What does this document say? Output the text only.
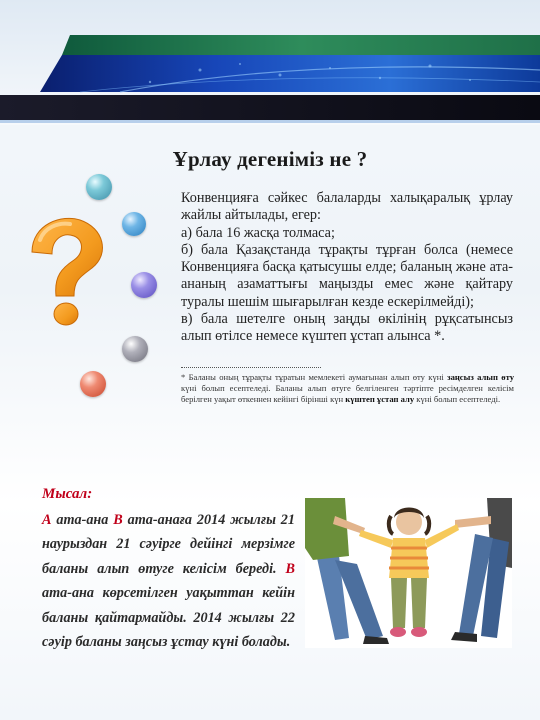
Ұрлау дегеніміз не ?

Конвенцияға сәйкес балаларды халықаралық ұрлау жайлы айтылады, егер:

а) бала 16 жасқа толмаса;

б) бала Қазақстанда тұрақты тұрған болса (немесе Конвенцияға басқа қатысушы елде; баланың және ата-ананың азаматтығы маңызды емес және қайтару туралы шешім шығарылған кезде ескерілмейді);

в) бала шетелге оның заңды өкілінің рұқсатынсыз алып өтілсе немесе күштеп ұстап алынса *.

* Баланы оның тұрақты тұратын мемлекеті аумағынан алып өту күні заңсыз алып өту күні болып есептеледі. Баланы алып өтуге белгіленген тәртіпте ресімделген келісім берілген уақыт өткеннен кейінгі бірінші күн күштеп ұстап алу күні болып есептеледі.
Мысал:
А ата-ана В ата-анаға 2014 жылғы 21 наурыздан 21 сәуірге дейінгі мерзімге баланы алып өтуге келісім береді. В ата-ана көрсетілген уақыттан кейін баланы қайтармайды. 2014 жылғы 22 сәуір баланы заңсыз ұстау күні болады.
